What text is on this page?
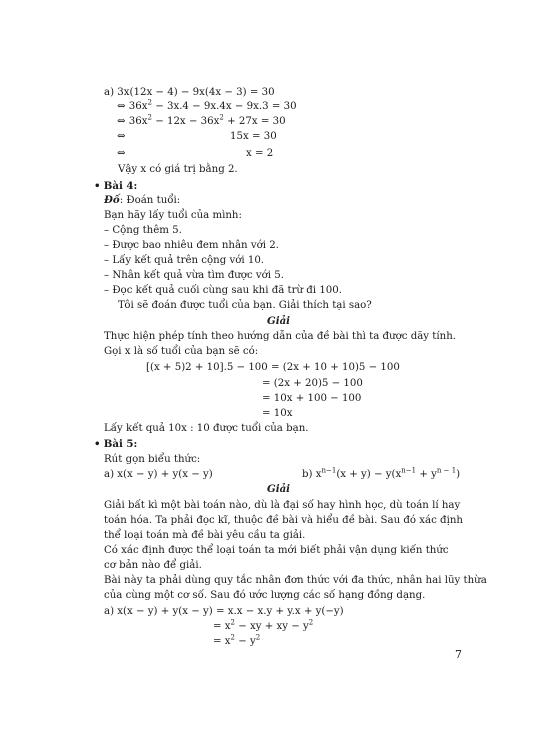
a) 3x(12x − 4) − 9x(4x − 3) = 30
⇔ $36x^2 - 3x.4 - 9x.4x - 9x.3 = 30$
⇔ $36x^2 - 12x - 36x^2 + 27x = 30$
⇔	15x = 30
⇔	x = 2
Vậy x có giá trị bằng 2.
• Bài 4:
Đố: Đoán tuổi:
Bạn hãy lấy tuổi của mình:
– Cộng thêm 5.
– Được bao nhiêu đem nhân với 2.
– Lấy kết quả trên cộng với 10.
– Nhân kết quả vừa tìm được với 5.
– Đọc kết quả cuối cùng sau khi đã trừ đi 100.
Tôi sẽ đoán được tuổi của bạn. Giải thích tại sao?
Giải
Thực hiện phép tính theo hướng dẫn của đề bài thì ta được dãy tính.
Gọi x là số tuổi của bạn sẽ có:
[(x + 5)2 + 10].5 − 100 = (2x + 10 + 10)5 − 100
= (2x + 20)5 − 100
= 10x + 100 − 100
= 10x
Lấy kết quả 10x : 10 được tuổi của bạn.
• Bài 5:
Rút gọn biểu thức:
a) x(x − y) + y(x − y)	b) $x^{n-1}(x + y) - y(x^{n-1} + y^{n - 1})$
Giải
Giải bất kì một bài toán nào, dù là đại số hay hình học, dù toán lí hay
toán hóa. Ta phải đọc kĩ, thuộc đề bài và hiểu đề bài. Sau đó xác định
thể loại toán mà đề bài yêu cầu ta giải.
Có xác định được thể loại toán ta mới biết phải vận dụng kiến thức
cơ bản nào để giải.
Bài này ta phải dùng quy tắc nhân đơn thức với đa thức, nhân hai lũy thừa
của cùng một cơ số. Sau đó ước lượng các số hạng đồng dạng.
a) x(x − y) + y(x − y) = x.x − x.y + y.x + y(−y)
= $x^2$ − xy + xy − $y^2$
= $x^2 - y^2$
7
